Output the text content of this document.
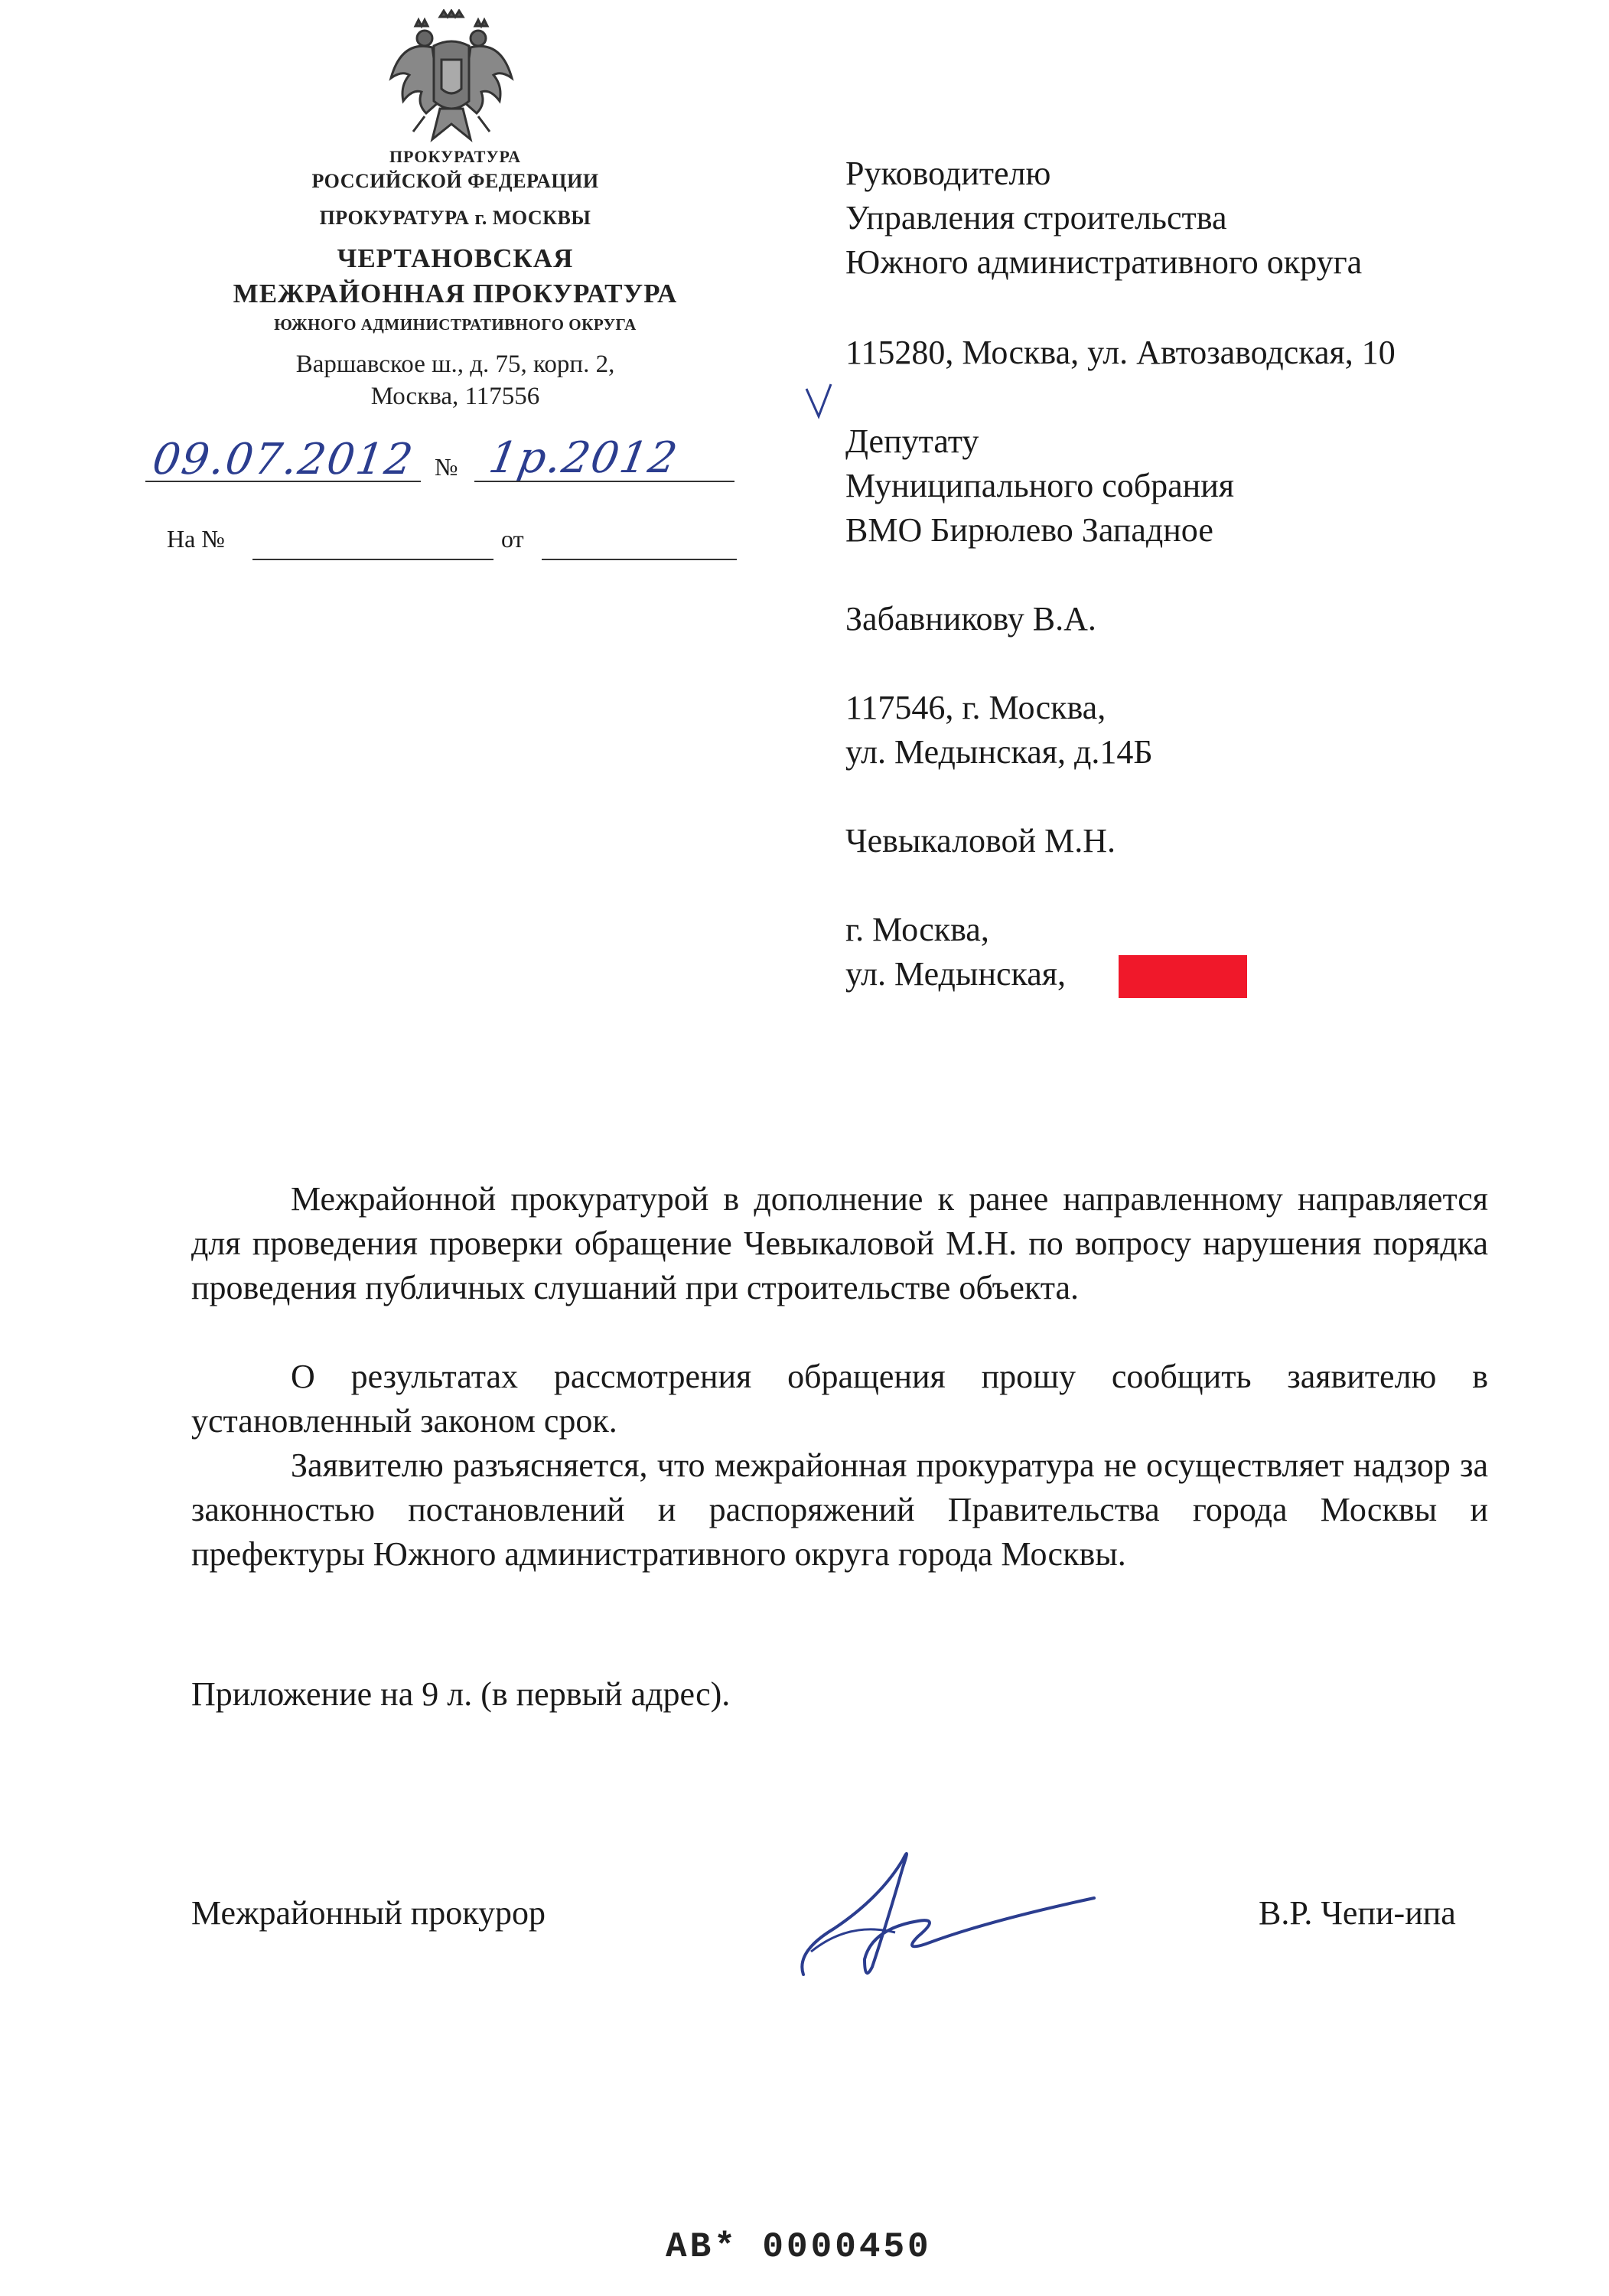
ПРОКУРАТУРА
РОССИЙСКОЙ ФЕДЕРАЦИИ
ПРОКУРАТУРА г. МОСКВЫ
ЧЕРТАНОВСКАЯ
МЕЖРАЙОННАЯ ПРОКУРАТУРА
ЮЖНОГО АДМИНИСТРАТИВНОГО ОКРУГА
Варшавское ш., д. 75, корп. 2,
Москва, 117556
09.07.2012 № 1р.2012
На №	от
Руководителю
Управления строительства
Южного административного округа
115280, Москва, ул. Автозаводская, 10
Депутату
Муниципального собрания
ВМО Бирюлево Западное
Забавникову В.А.
117546, г. Москва,
ул. Медынская, д.14Б
Чевыкаловой М.Н.
г. Москва,
ул. Медынская,
Межрайонной прокуратурой в дополнение к ранее направленному направляется для проведения проверки обращение Чевыкаловой М.Н. по вопросу нарушения порядка проведения публичных слушаний при строительстве объекта.
О результатах рассмотрения обращения прошу сообщить заявителю в установленный законом срок.
Заявителю разъясняется, что межрайонная прокуратура не осуществляет надзор за законностью постановлений и распоряжений Правительства города Москвы и префектуры Южного административного округа города Москвы.
Приложение на 9 л. (в первый адрес).
Межрайонный прокурор	В.Р. Чепи-ипа
АВ* 0000450
